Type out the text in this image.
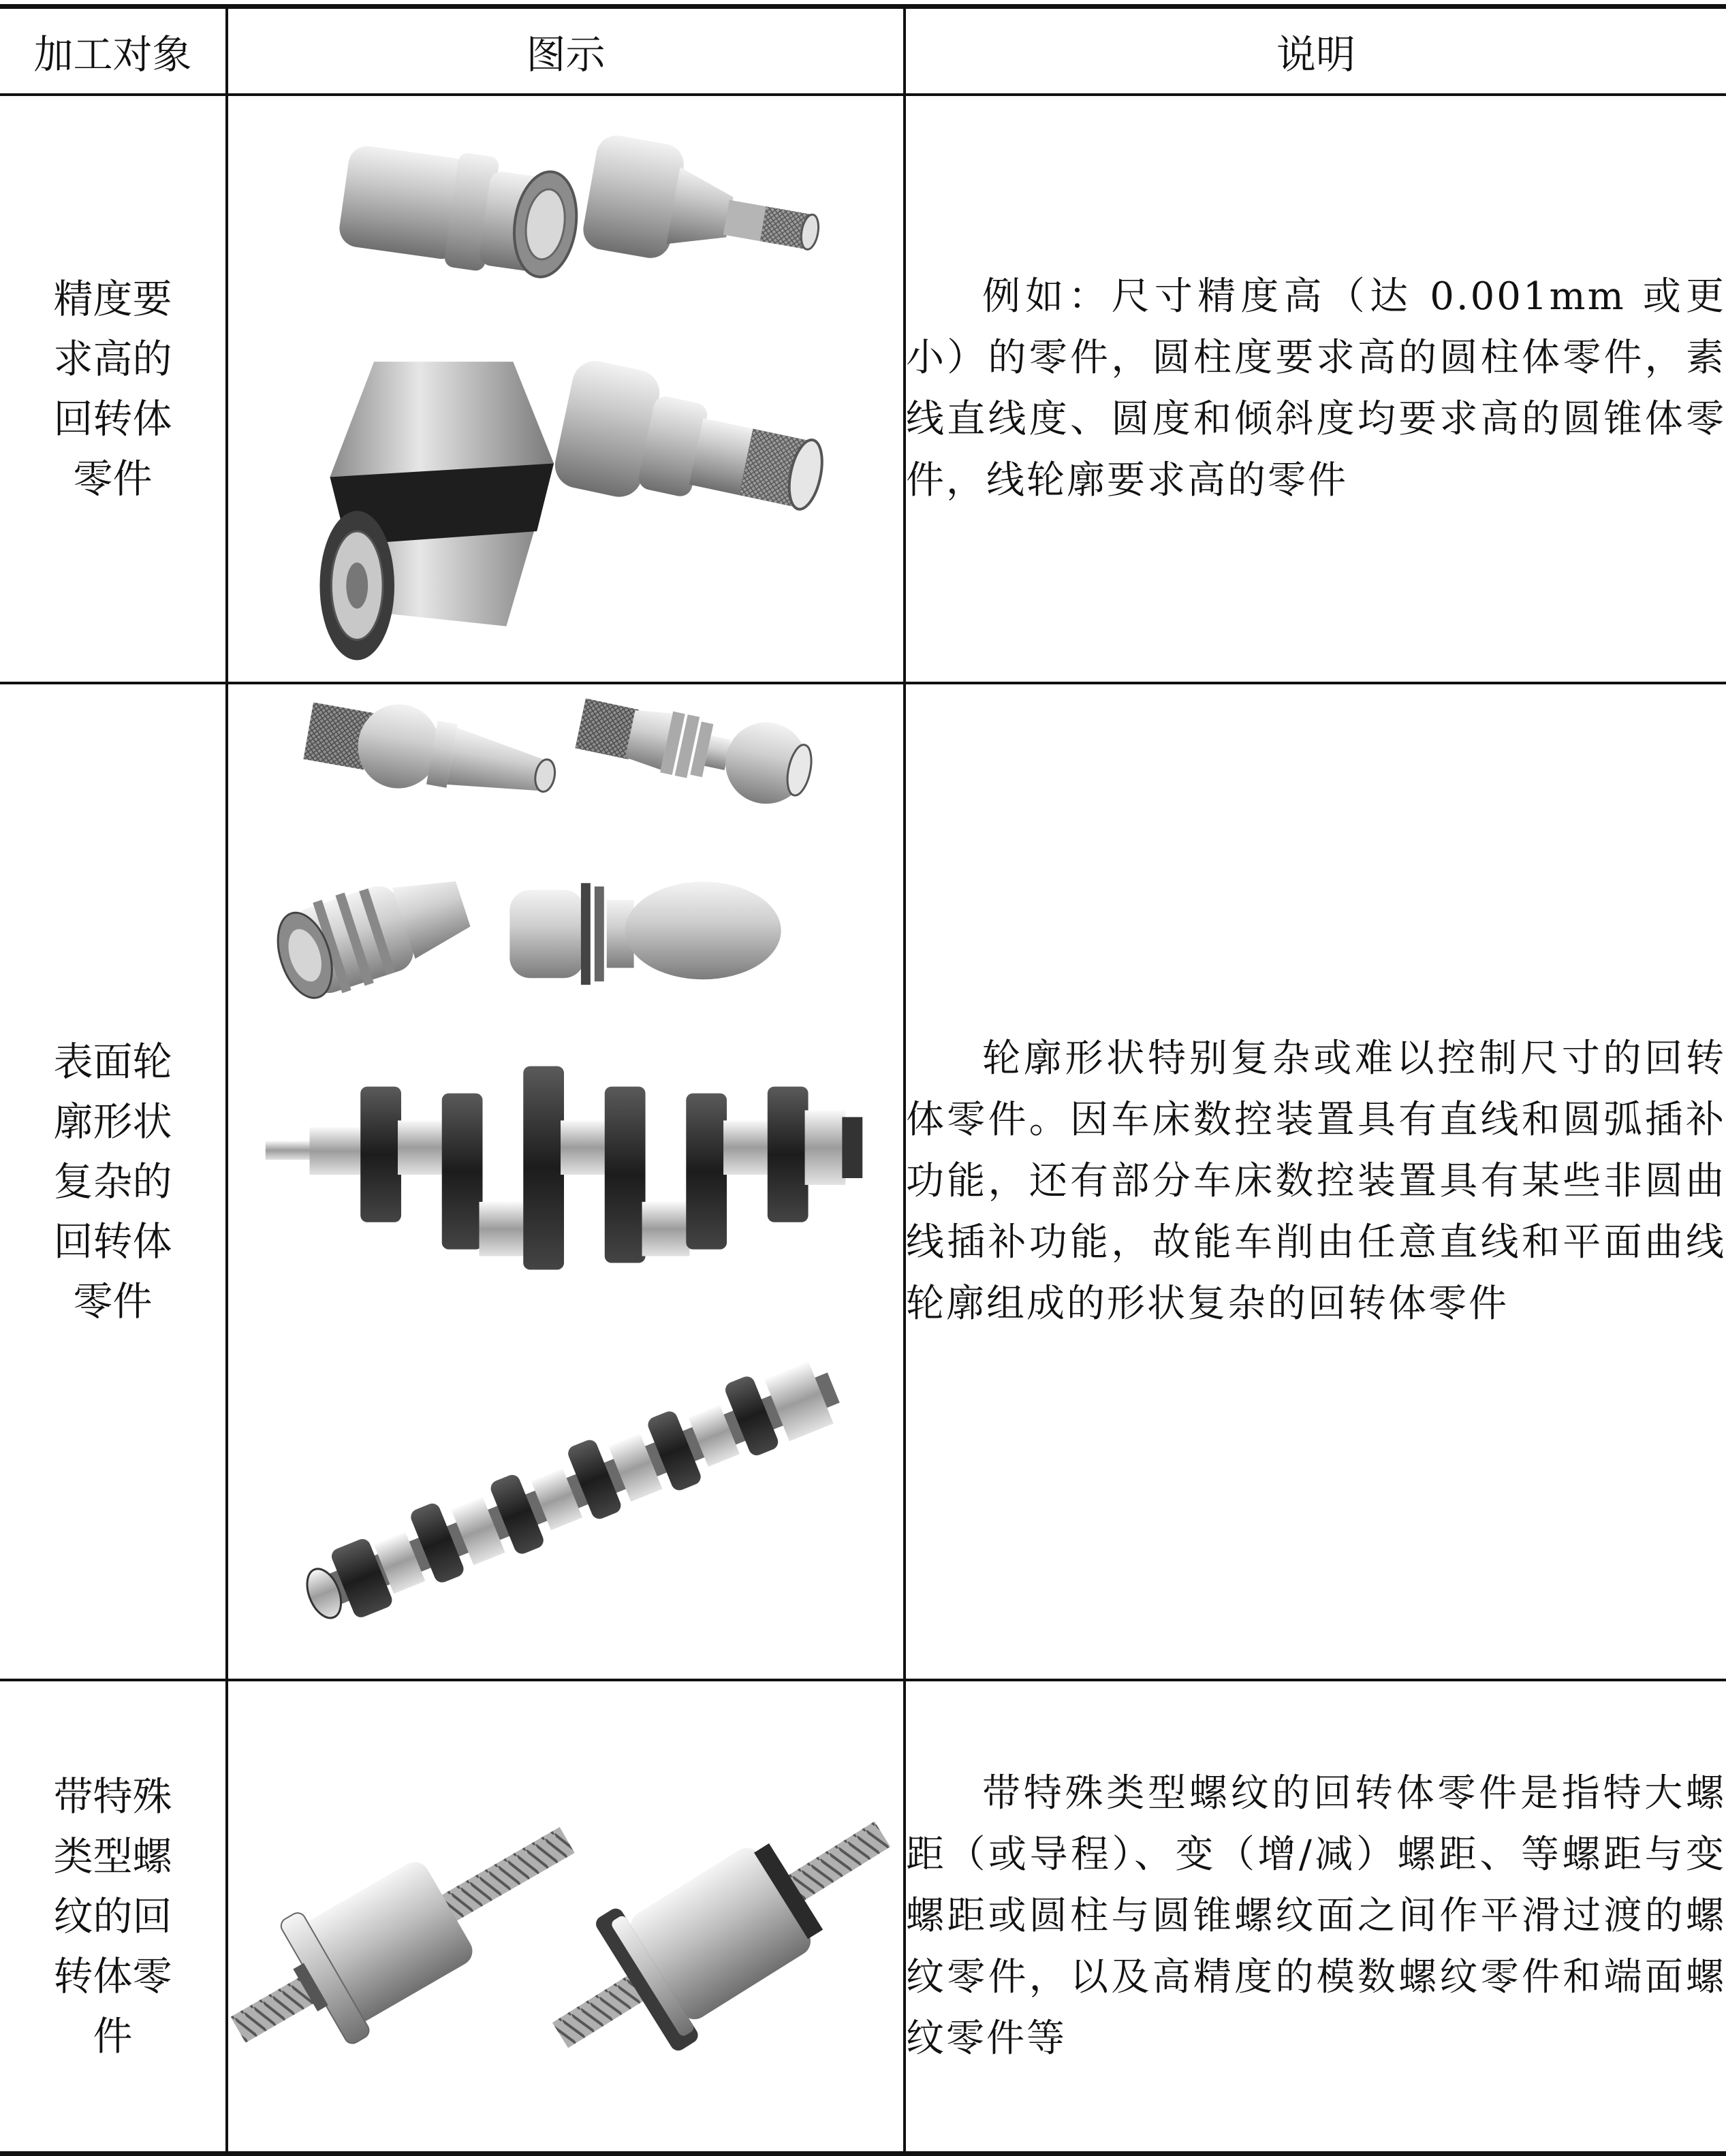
加工对象	图示	说明
精度要求高的回转体零件		例如：尺寸精度高（达 0.001mm 或更小）的零件，圆柱度要求高的圆柱体零件，素线直线度、圆度和倾斜度均要求高的圆锥体零件，线轮廓要求高的零件

表面轮廓形状复杂的回转体零件		轮廓形状特别复杂或难以控制尺寸的回转体零件。因车床数控装置具有直线和圆弧插补功能，还有部分车床数控装置具有某些非圆曲线插补功能，故能车削由任意直线和平面曲线轮廓组成的形状复杂的回转体零件

带特殊类型螺纹的回转体零件		带特殊类型螺纹的回转体零件是指特大螺距（或导程）、变（增/减）螺距、等螺距与变螺距或圆柱与圆锥螺纹面之间作平滑过渡的螺纹零件，以及高精度的模数螺纹零件和端面螺纹零件等
